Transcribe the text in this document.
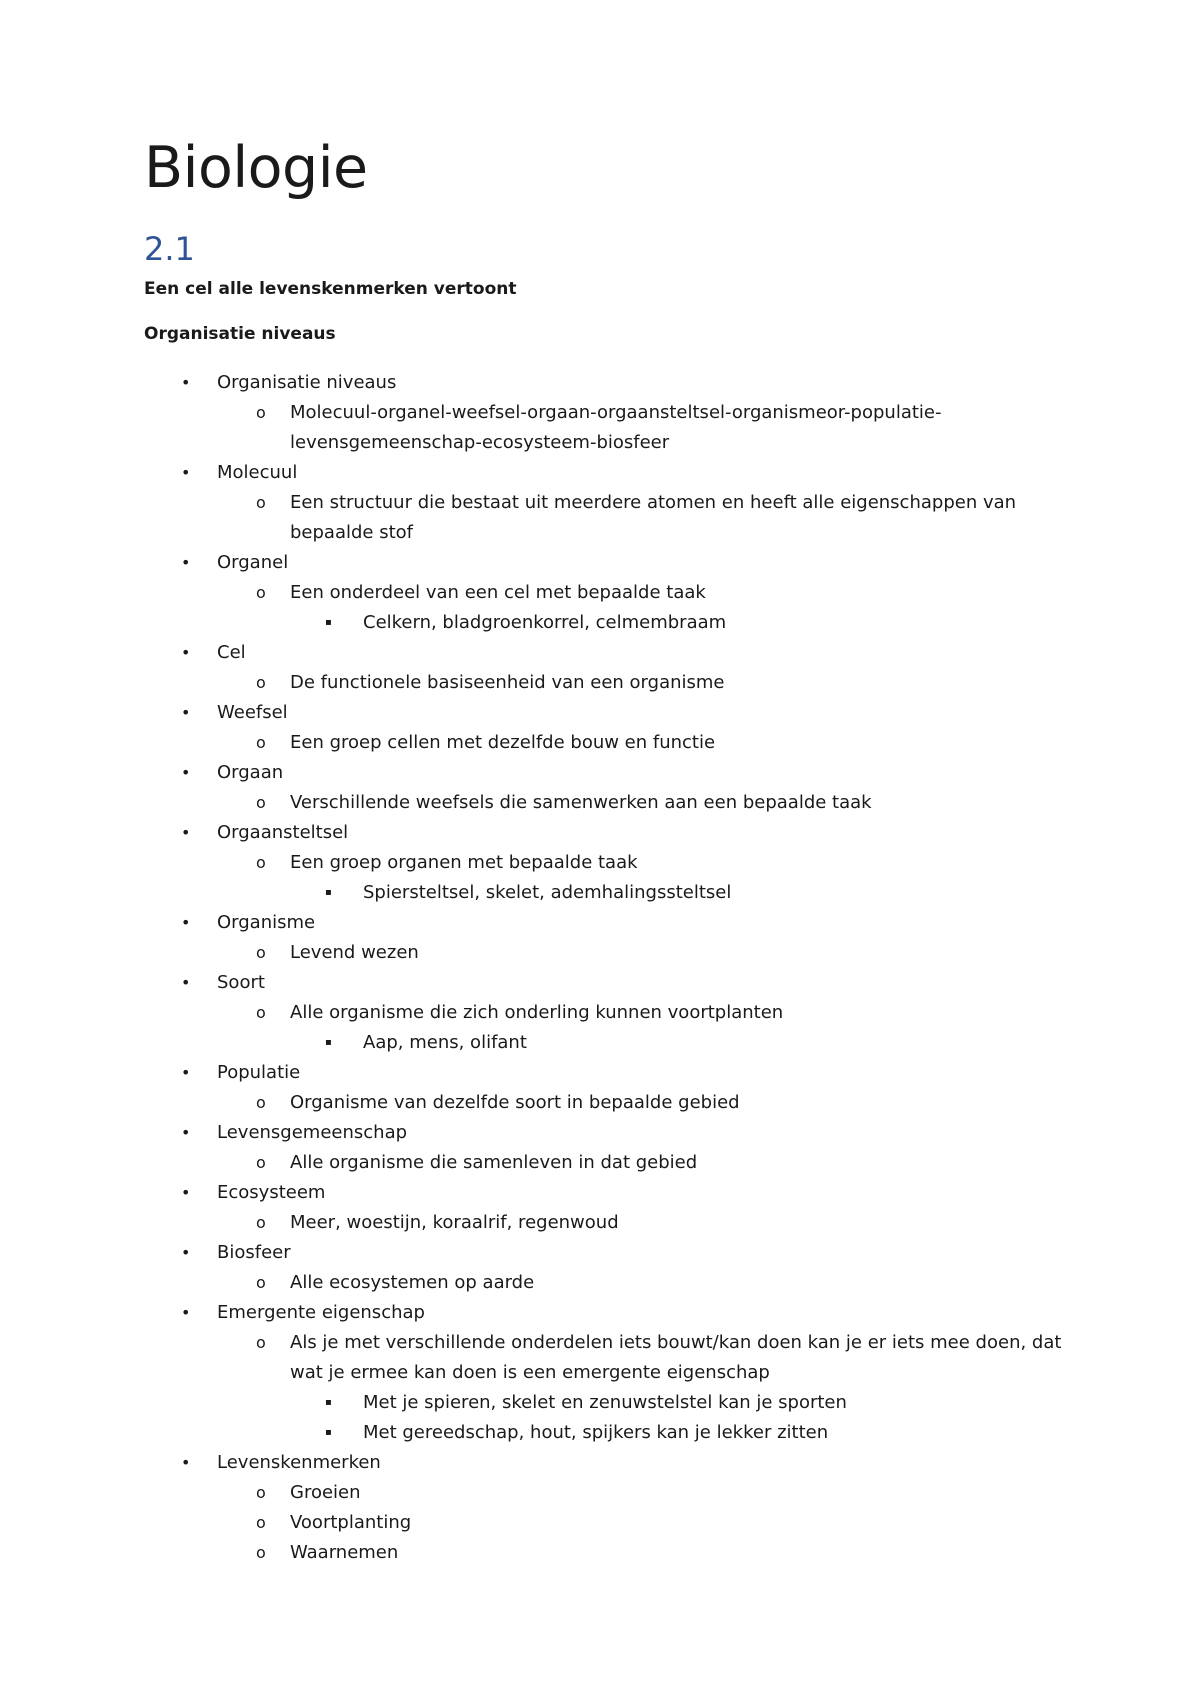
Biologie
2.1
Een cel alle levenskenmerken vertoont
Organisatie niveaus
• Organisatie niveaus
o Molecuul-organel-weefsel-orgaan-orgaansteltsel-organismeor-populatie-levensgemeenschap-ecosysteem-biosfeer
• Molecuul
o Een structuur die bestaat uit meerdere atomen en heeft alle eigenschappen van bepaalde stof
• Organel
o Een onderdeel van een cel met bepaalde taak
▪ Celkern, bladgroenkorrel, celmembraam
• Cel
o De functionele basiseenheid van een organisme
• Weefsel
o Een groep cellen met dezelfde bouw en functie
• Orgaan
o Verschillende weefsels die samenwerken aan een bepaalde taak
• Orgaansteltsel
o Een groep organen met bepaalde taak
▪ Spiersteltsel, skelet, ademhalingssteltsel
• Organisme
o Levend wezen
• Soort
o Alle organisme die zich onderling kunnen voortplanten
▪ Aap, mens, olifant
• Populatie
o Organisme van dezelfde soort in bepaalde gebied
• Levensgemeenschap
o Alle organisme die samenleven in dat gebied
• Ecosysteem
o Meer, woestijn, koraalrif, regenwoud
• Biosfeer
o Alle ecosystemen op aarde
• Emergente eigenschap
o Als je met verschillende onderdelen iets bouwt/kan doen kan je er iets mee doen, dat wat je ermee kan doen is een emergente eigenschap
▪ Met je spieren, skelet en zenuwstelstel kan je sporten
▪ Met gereedschap, hout, spijkers kan je lekker zitten
• Levenskenmerken
o Groeien
o Voortplanting
o Waarnemen
